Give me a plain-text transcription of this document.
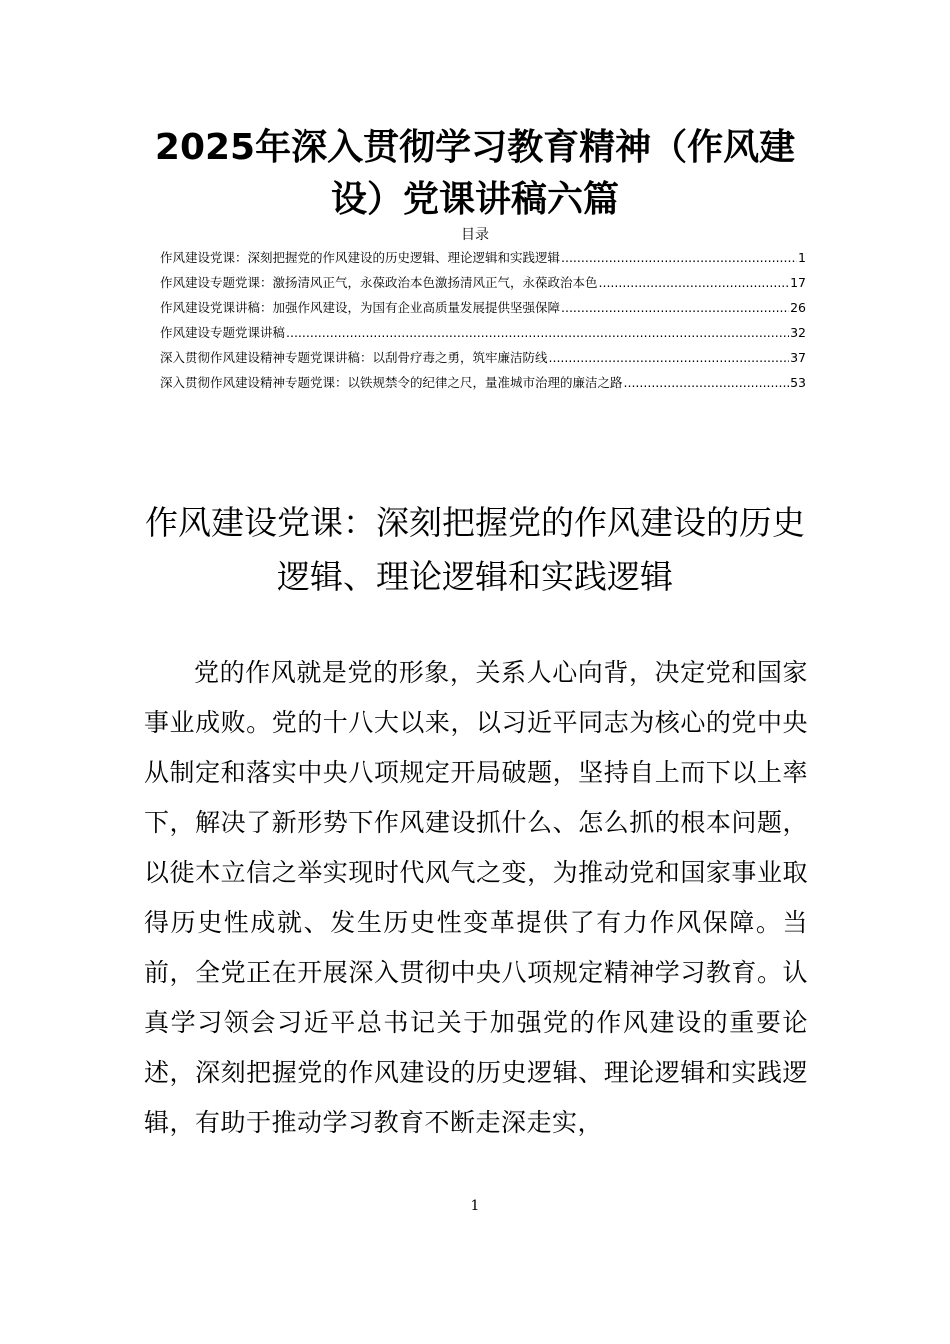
2025年深入贯彻学习教育精神（作风建设）党课讲稿六篇
目录
作风建设党课：深刻把握党的作风建设的历史逻辑、理论逻辑和实践逻辑 .....	1
作风建设专题党课：激扬清风正气，永葆政治本色激扬清风正气，永葆政治本色 .....	17
作风建设党课讲稿：加强作风建设，为国有企业高质量发展提供坚强保障 .....	26
作风建设专题党课讲稿 .....	32
深入贯彻作风建设精神专题党课讲稿：以刮骨疗毒之勇，筑牢廉洁防线 .....	37
深入贯彻作风建设精神专题党课：以铁规禁令的纪律之尺，量准城市治理的廉洁之路 .....	53
作风建设党课：深刻把握党的作风建设的历史逻辑、理论逻辑和实践逻辑

党的作风就是党的形象，关系人心向背，决定党和国家事业成败。党的十八大以来，以习近平同志为核心的党中央从制定和落实中央八项规定开局破题，坚持自上而下以上率下，解决了新形势下作风建设抓什么、怎么抓的根本问题，以徙木立信之举实现时代风气之变，为推动党和国家事业取得历史性成就、发生历史性变革提供了有力作风保障。当前，全党正在开展深入贯彻中央八项规定精神学习教育。认真学习领会习近平总书记关于加强党的作风建设的重要论述，深刻把握党的作风建设的历史逻辑、理论逻辑和实践逻辑，有助于推动学习教育不断走深走实，

1
